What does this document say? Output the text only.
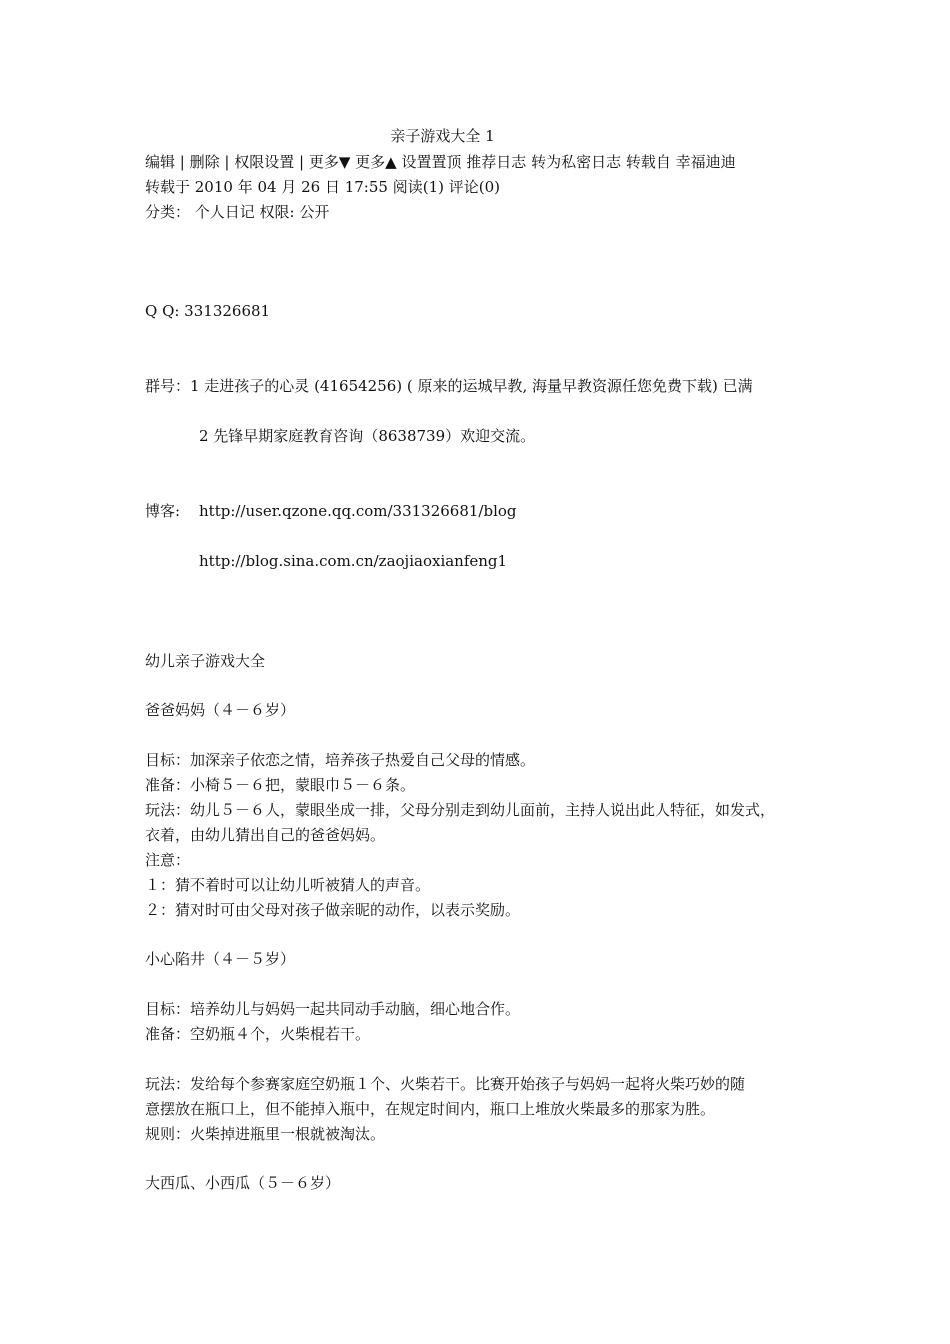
亲子游戏大全 1
编辑 | 删除 | 权限设置 | 更多▼ 更多▲ 设置置顶 推荐日志 转为私密日志 转载自 幸福迪迪
转载于 2010 年 04 月 26 日 17:55 阅读(1) 评论(0)
分类： 个人日记 权限: 公开
Q Q: 331326681
群号：1 走进孩子的心灵 (41654256) ( 原来的运城早教, 海量早教资源任您免费下载) 已满
2 先锋早期家庭教育咨询（8638739）欢迎交流。
博客: http://user.qzone.qq.com/331326681/blog
http://blog.sina.com.cn/zaojiaoxianfeng1
幼儿亲子游戏大全
爸爸妈妈（４－６岁）
目标：加深亲子依恋之情，培养孩子热爱自己父母的情感。
准备：小椅５－６把，蒙眼巾５－６条。
玩法：幼儿５－６人，蒙眼坐成一排，父母分别走到幼儿面前，主持人说出此人特征，如发式，
衣着，由幼儿猜出自己的爸爸妈妈。
注意：
１：猜不着时可以让幼儿听被猜人的声音。
２：猜对时可由父母对孩子做亲昵的动作，以表示奖励。
小心陷井（４－５岁）
目标：培养幼儿与妈妈一起共同动手动脑，细心地合作。
准备：空奶瓶４个，火柴棍若干。
玩法：发给每个参赛家庭空奶瓶１个、火柴若干。比赛开始孩子与妈妈一起将火柴巧妙的随
意摆放在瓶口上，但不能掉入瓶中，在规定时间内，瓶口上堆放火柴最多的那家为胜。
规则：火柴掉进瓶里一根就被淘汰。
大西瓜、小西瓜（５－６岁）
